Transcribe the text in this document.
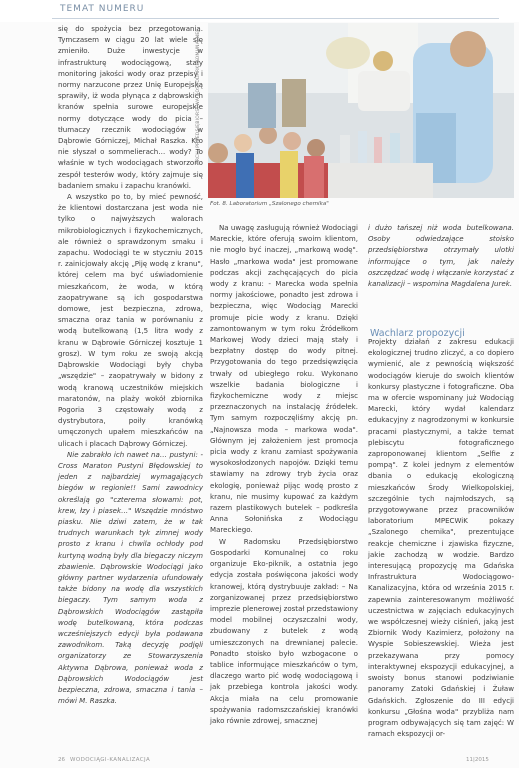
TEMAT NUMERU

się do spożycia bez przegotowania. Tymczasem w ciągu 20 lat wiele się zmieniło. Duże inwestycje w infrastrukturę wodociągową, stały monitoring jakości wody oraz przepisy i normy narzucone przez Unię Europejską sprawiły, iż woda płynąca z dąbrowskich kranów spełnia surowe europejskie normy dotyczące wody do picia – tłumaczy rzecznik wodociągów w Dąbrowie Górniczej, Michał Raszka. Kto nie słyszał o sommelierach… wody? To właśnie w tych wodociągach stworzono zespół testerów wody, który zajmuje się badaniem smaku i zapachu kranówki.

A wszystko po to, by mieć pewność, że klientowi dostarczana jest woda nie tylko o najwyższych walorach mikrobiologicznych i fizykochemicznych, ale również o sprawdzonym smaku i zapachu. Wodociągi te w styczniu 2015 r. zainicjowały akcję „Piję wodę z kranu", której celem ma być uświadomienie mieszkańcom, że woda, w którą zaopatrywane są ich gospodarstwa domowe, jest bezpieczna, zdrowa, smaczna oraz tania w porównaniu z wodą butelkowaną (1,5 litra wody z kranu w Dąbrowie Górniczej kosztuje 1 grosz). W tym roku ze swoją akcją Dąbrowskie Wodociągi były chyba „wszędzie" – zaopatrywały w bidony z wodą kranową uczestników miejskich maratonów, na plaży wokół zbiornika Pogoria 3 częstowały wodą z dystrybutora, poiły kranówką umęczonych upałem mieszkańców na ulicach i placach Dąbrowy Górniczej.

Nie zabrakło ich nawet na… pustyni: - Cross Maraton Pustyni Błędowskiej to jeden z najbardziej wymagających biegów w regionie!! Sami zawodnicy określają go "czterema słowami: pot, krew, łzy i piasek…" Wszędzie mnóstwo piasku. Nie dziwi zatem, że w tak trudnych warunkach tyk zimnej wody prosto z kranu i chwila ochłody pod kurtyną wodną były dla biegaczy niczym zbawienie. Dąbrowskie Wodociągi jako główny partner wydarzenia ufundowały także bidony na wodę dla wszystkich biegaczy. Tym samym woda z Dąbrowskich Wodociągów zastąpiła wodę butelkowaną, która podczas wcześniejszych edycji była podawana zawodnikom. Taką decyzję podjęli organizatorzy ze Stowarzyszenia Aktywna Dąbrowa, ponieważ woda z Dąbrowskich Wodociągów jest bezpieczna, zdrowa, smaczna i tania – mówi M. Raszka.

ARCH. PRZEDSIĘBIORSTWA GOSPODARKI KOMUNALNEJ
Fot. 8. Laboratorium „Szalonego chemika"

Na uwagę zasługują również Wodociągi Mareckie, które oferują swoim klientom, nie mogło być inaczej, „markową wodę". Hasło „markowa woda" jest promowane podczas akcji zachęcających do picia wody z kranu: - Marecka woda spełnia normy jakościowe, ponadto jest zdrowa i bezpieczna, więc Wodociąg Marecki promuje picie wody z kranu. Dzięki zamontowanym w tym roku Źródełkom Markowej Wody dzieci mają stały i bezpłatny dostęp do wody pitnej. Przygotowania do tego przedsięwzięcia trwały od ubiegłego roku. Wykonano wszelkie badania biologiczne i fizykochemiczne wody z miejsc przeznaczonych na instalację źródełek. Tym samym rozpoczęliśmy akcję pn. „Najnowsza moda – markowa woda". Głównym jej założeniem jest promocja picia wody z kranu zamiast spożywania wysokosłodzonych napojów. Dzięki temu stawiamy na zdrowy tryb życia oraz ekologię, ponieważ pijąc wodę prosto z kranu, nie musimy kupować za każdym razem plastikowych butelek – podkreśla Anna Sołonińska z Wodociągu Mareckiego.

W Radomsku Przedsiębiorstwo Gospodarki Komunalnej co roku organizuje Eko-piknik, a ostatnia jego edycja została poświęcona jakości wody kranowej, którą dystrybuuje zakład: – Na zorganizowanej przez przedsiębiorstwo imprezie plenerowej został przedstawiony model mobilnej oczyszczalni wody, zbudowany z butelek z wodą umieszczonych na drewnianej palecie. Ponadto stoisko było wzbogacone o tablice informujące mieszkańców o tym, dlaczego warto pić wodę wodociągową i jak przebiega kontrola jakości wody. Akcja miała na celu promowanie spożywania radomszczańskiej kranówki jako równie zdrowej, smacznej

i dużo tańszej niż woda butelkowana. Osoby odwiedzające stoisko przedsiębiorstwa otrzymały ulotki informujące o tym, jak należy oszczędzać wodę i włączanie korzystać z kanalizacji – wspomina Magdalena Jurek.

Wachlarz propozycji

Projekty działań z zakresu edukacji ekologicznej trudno zliczyć, a co dopiero wymienić, ale z pewnością większość wodociągów kieruje do swoich klientów konkursy plastyczne i fotograficzne. Oba ma w ofercie wspominany już Wodociąg Marecki, który wydał kalendarz edukacyjny z nagrodzonymi w konkursie pracami plastycznymi, a także temat plebiscytu fotograficznego zaproponowanej klientom „Selfie z pompą". Z kolei jednym z elementów dbania o edukację ekologiczną mieszkańców Środy Wielkopolskiej, szczególnie tych najmłodszych, są przygotowywane przez pracowników laboratorium MPECWiK pokazy „Szalonego chemika", prezentujące reakcje chemiczne i zjawiska fizyczne, jakie zachodzą w wodzie. Bardzo interesującą propozycję ma Gdańska Infrastruktura Wodociągowo-Kanalizacyjna, która od września 2015 r. zapewnia zainteresowanym możliwość uczestnictwa w zajęciach edukacyjnych we współczesnej wieży ciśnień, jaką jest Zbiornik Wody Kazimierz, położony na Wyspie Sobieszewskiej. Wieża jest przekazywana przy pomocy interaktywnej ekspozycji edukacyjnej, a swoisty bonus stanowi podziwianie panoramy Zatoki Gdańskiej i Żuław Gdańskich. Zgłoszenie do III edycji konkursu „Głośna woda" przybliża nam program odbywających się tam zajęć: W ramach ekspozycji or-

26 WODOCIĄGI-KANALIZACJA	11|2015
